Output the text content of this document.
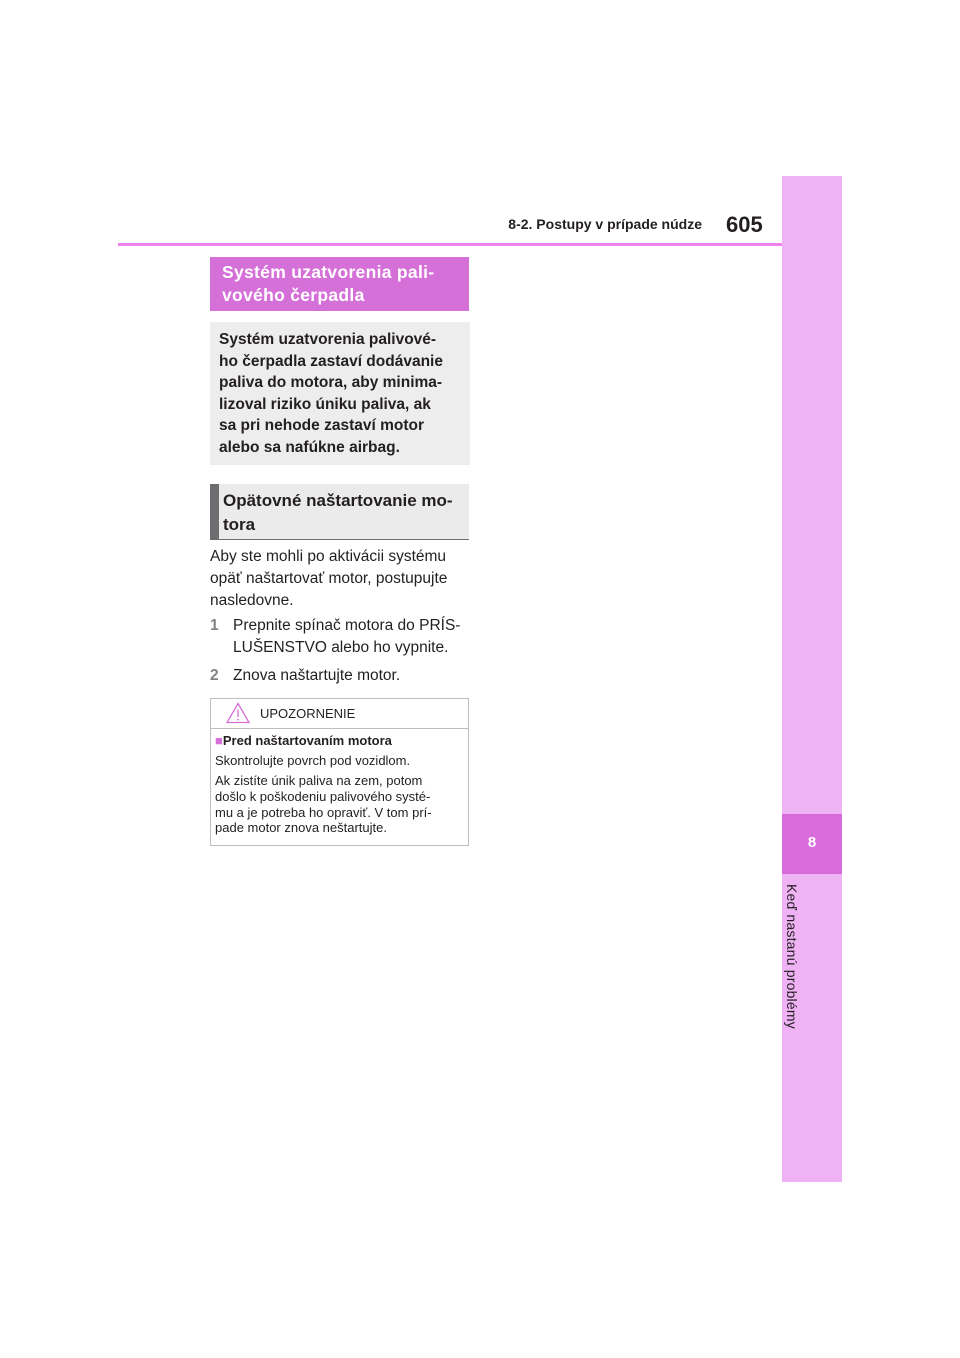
8-2. Postupy v prípade núdze 605
8
Keď nastanú problémy
Systém uzatvorenia pali-
vového čerpadla
Systém uzatvorenia palivové-
ho čerpadla zastaví dodávanie
paliva do motora, aby minima-
lizoval riziko úniku paliva, ak
sa pri nehode zastaví motor
alebo sa nafúkne airbag.
Opätovné naštartovanie mo-
tora
Aby ste mohli po aktivácii systému
opäť naštartovať motor, postupujte
nasledovne.
1 Prepnite spínač motora do PRÍS-
LUŠENSTVO alebo ho vypnite.
2 Znova naštartujte motor.
UPOZORNENIE
■Pred naštartovaním motora
Skontrolujte povrch pod vozidlom.
Ak zistíte únik paliva na zem, potom
došlo k poškodeniu palivového systé-
mu a je potreba ho opraviť. V tom prí-
pade motor znova neštartujte.
